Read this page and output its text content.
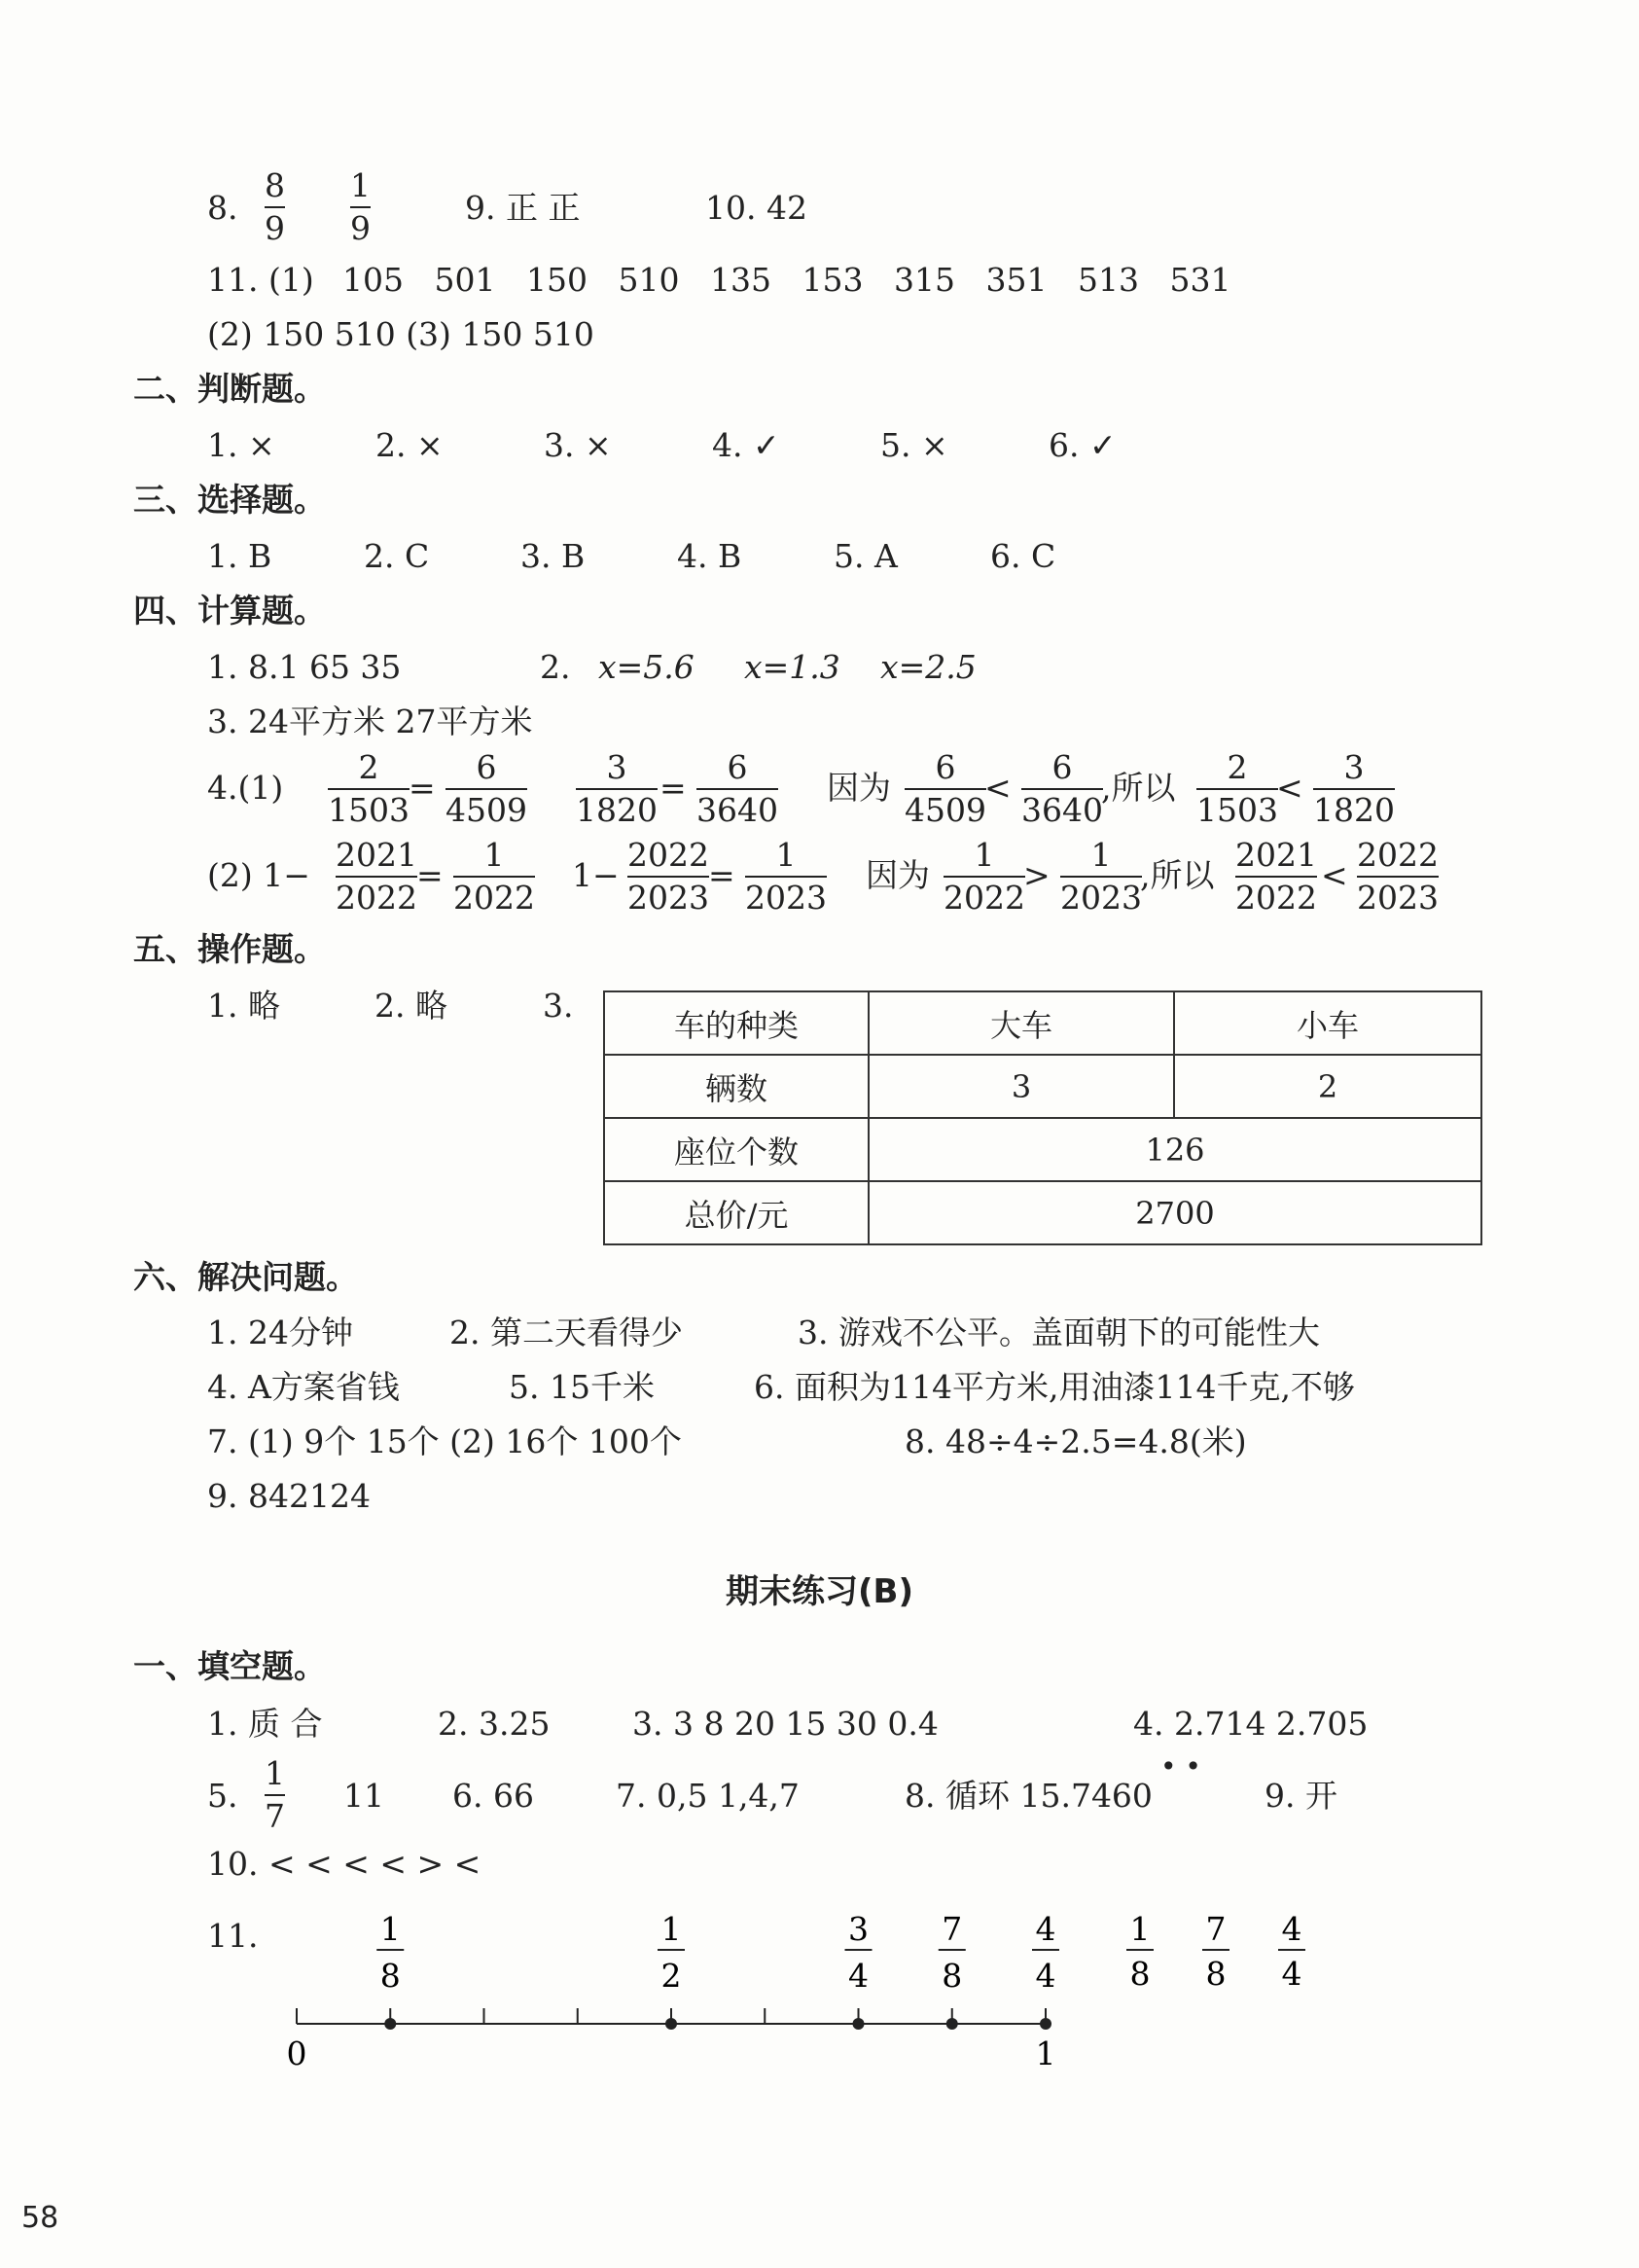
8.
8
9
1
9
9. 正 正	10. 42
11. (1) 105 501 150 510 135 153 315 351 513 531
(2) 150 510 (3) 150 510
二、判断题。
1. ×	2. ×	3. ×	4. ✓	5. ×	6. ✓
三、选择题。
1. B	2. C	3. B	4. B	5. A	6. C
四、计算题。
1. 8.1 65 35	2. x=5.6 x=1.3 x=2.5
3. 24平方米 27平方米
4.(1)
2
1503
=
6
4509
3
1820
=
6
3640
因为
6
4509
<
6
3640
,所以
2
1503
<
3
1820
(2) 1−
2021
2022
=
1
2022
1−
2022
2023
=
1
2023
因为
1
2022
>
1
2023
,所以
2021
2022
<
2022
2023
五、操作题。
1. 略	2. 略	3.
车的种类	大车	小车
辆数	3	2
座位个数	126	
总价/元	2700	
六、解决问题。
1. 24分钟	2. 第二天看得少	3. 游戏不公平。盖面朝下的可能性大
4. A方案省钱	5. 15千米	6. 面积为114平方米,用油漆114千克,不够
7. (1) 9个 15个 (2) 16个 100个	8. 48÷4÷2.5=4.8(米)
9. 842124
期末练习(B)
一、填空题。
1. 质 合	2. 3.25	3. 3 8 20 15 30 0.4	4. 2.714 2.705
5.
1
7
11 6. 66	7. 0,5 1,4,7	8. 循环 15.7460
• •
9. 开
10. < < < < > <
11.
0	1
1
8
1
2
3
4
7
8
4
4
1
8
7
8
4
4
58
